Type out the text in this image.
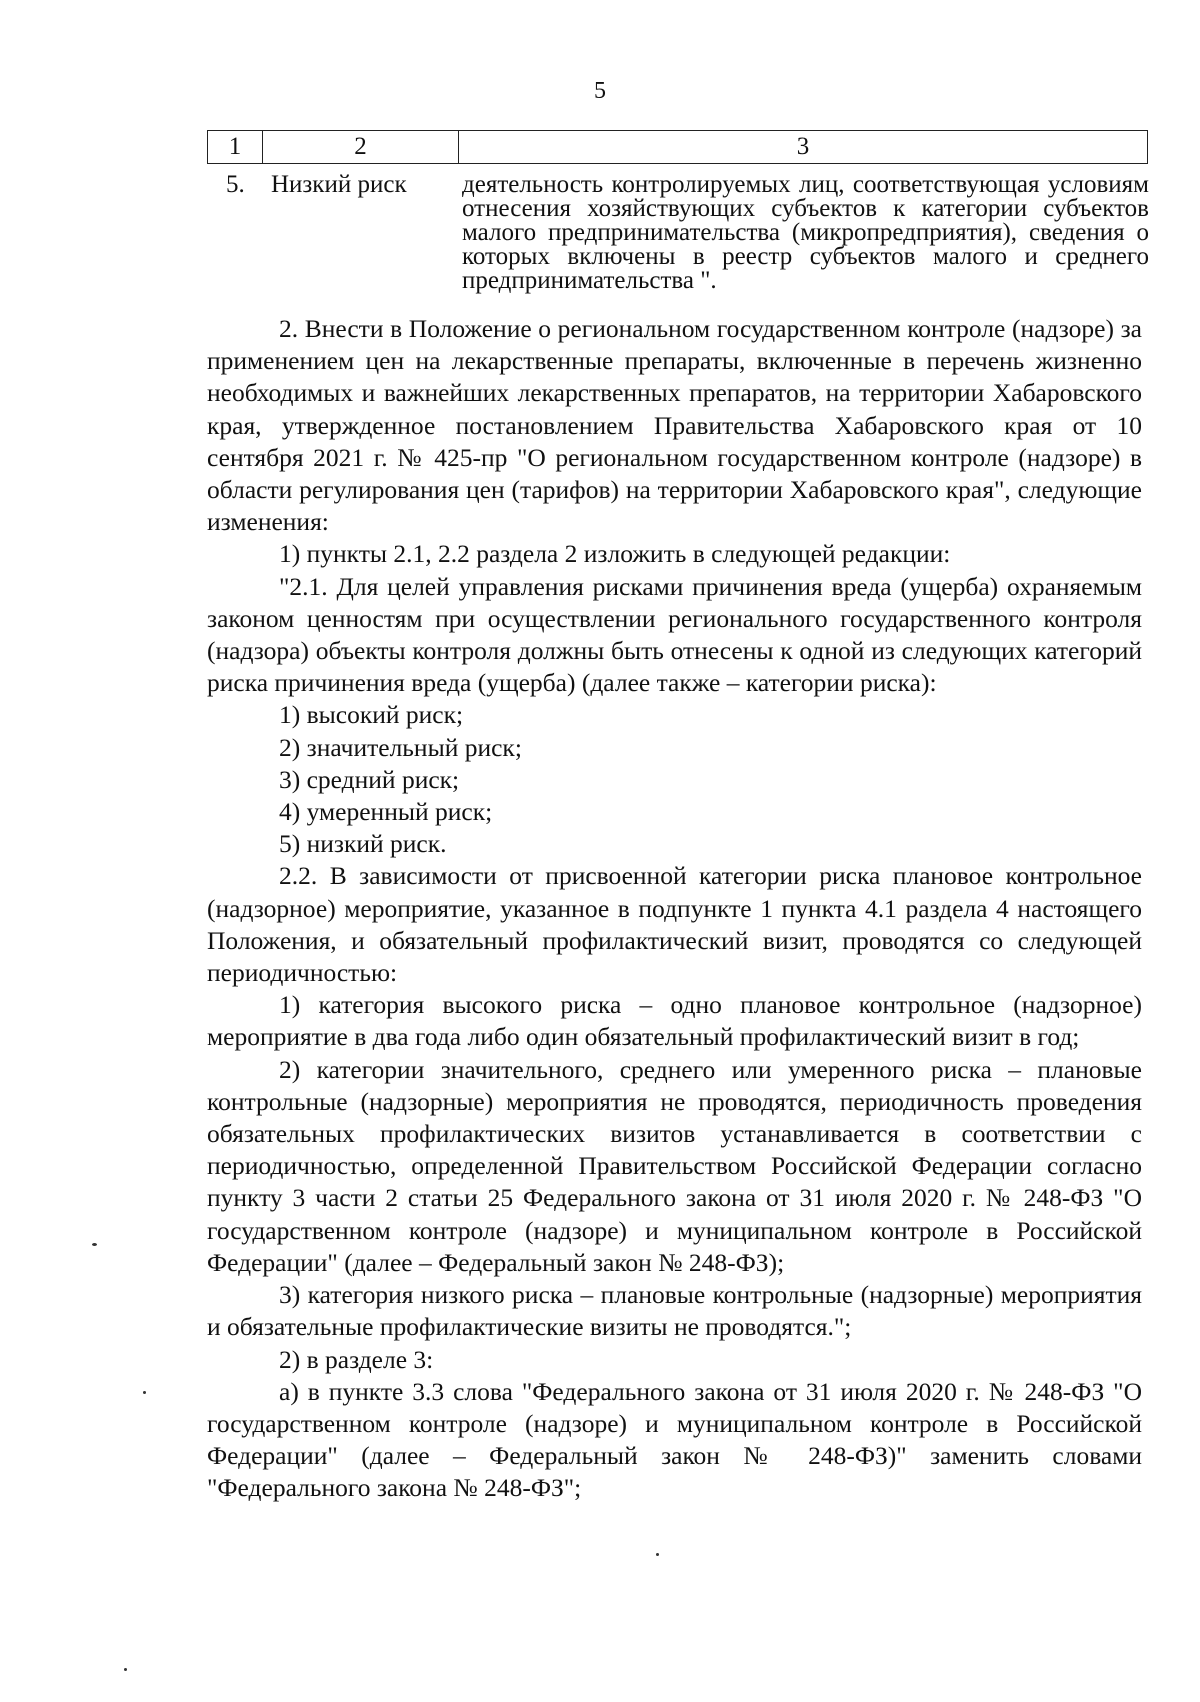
5
1	2	3
5. Низкий риск деятельность контролируемых лиц, соответствующая условиям отнесения хозяйствующих субъектов к категории субъектов малого предпринимательства (микропредприятия), сведения о которых включены в реестр субъектов малого и среднего предпринимательства ".

2. Внести в Положение о региональном государственном контроле (надзоре) за применением цен на лекарственные препараты, включенные в перечень жизненно необходимых и важнейших лекарственных препаратов, на территории Хабаровского края, утвержденное постановлением Правительства Хабаровского края от 10 сентября 2021 г. № 425-пр "О региональном государственном контроле (надзоре) в области регулирования цен (тарифов) на территории Хабаровского края", следующие изменения:

1) пункты 2.1, 2.2 раздела 2 изложить в следующей редакции:

"2.1. Для целей управления рисками причинения вреда (ущерба) охраняемым законом ценностям при осуществлении регионального государственного контроля (надзора) объекты контроля должны быть отнесены к одной из следующих категорий риска причинения вреда (ущерба) (далее также – категории риска):

1) высокий риск;

2) значительный риск;

3) средний риск;

4) умеренный риск;

5) низкий риск.

2.2. В зависимости от присвоенной категории риска плановое контрольное (надзорное) мероприятие, указанное в подпункте 1 пункта 4.1 раздела 4 настоящего Положения, и обязательный профилактический визит, проводятся со следующей периодичностью:

1) категория высокого риска – одно плановое контрольное (надзорное) мероприятие в два года либо один обязательный профилактический визит в год;

2) категории значительного, среднего или умеренного риска – плановые контрольные (надзорные) мероприятия не проводятся, периодичность проведения обязательных профилактических визитов устанавливается в соответствии с периодичностью, определенной Правительством Российской Федерации согласно пункту 3 части 2 статьи 25 Федерального закона от 31 июля 2020 г. № 248-ФЗ "О государственном контроле (надзоре) и муниципальном контроле в Российской Федерации" (далее – Федеральный закон № 248-ФЗ);

3) категория низкого риска – плановые контрольные (надзорные) мероприятия и обязательные профилактические визиты не проводятся.";

2) в разделе 3:

а) в пункте 3.3 слова "Федерального закона от 31 июля 2020 г. № 248-ФЗ "О государственном контроле (надзоре) и муниципальном контроле в Российской Федерации" (далее – Федеральный закон № 248-ФЗ)" заменить словами "Федерального закона № 248-ФЗ";
